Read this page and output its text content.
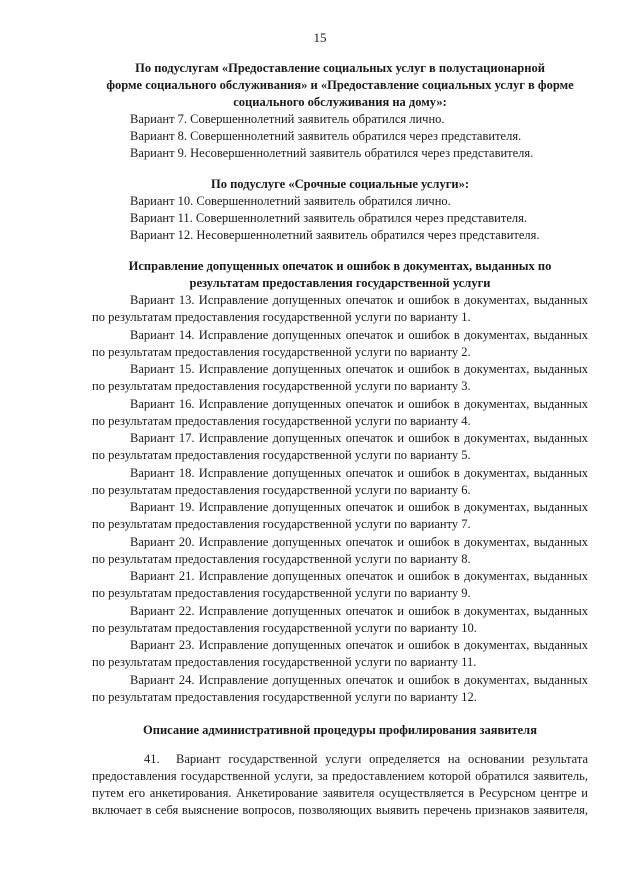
15

По подуслугам «Предоставление социальных услуг в полустационарной

форме социального обслуживания» и «Предоставление социальных услуг в форме

социального обслуживания на дому»:

Вариант 7. Совершеннолетний заявитель обратился лично.

Вариант 8. Совершеннолетний заявитель обратился через представителя.

Вариант 9. Несовершеннолетний заявитель обратился через представителя.

По подуслуге «Срочные социальные услуги»:

Вариант 10. Совершеннолетний заявитель обратился лично.

Вариант 11. Совершеннолетний заявитель обратился через представителя.

Вариант 12. Несовершеннолетний заявитель обратился через представителя.

Исправление допущенных опечаток и ошибок в документах, выданных по

результатам предоставления государственной услуги

Вариант 13. Исправление допущенных опечаток и ошибок в документах, выданных

по результатам предоставления государственной услуги по варианту 1.

Вариант 14. Исправление допущенных опечаток и ошибок в документах, выданных

по результатам предоставления государственной услуги по варианту 2.

Вариант 15. Исправление допущенных опечаток и ошибок в документах, выданных

по результатам предоставления государственной услуги по варианту 3.

Вариант 16. Исправление допущенных опечаток и ошибок в документах, выданных

по результатам предоставления государственной услуги по варианту 4.

Вариант 17. Исправление допущенных опечаток и ошибок в документах, выданных

по результатам предоставления государственной услуги по варианту 5.

Вариант 18. Исправление допущенных опечаток и ошибок в документах, выданных

по результатам предоставления государственной услуги по варианту 6.

Вариант 19. Исправление допущенных опечаток и ошибок в документах, выданных

по результатам предоставления государственной услуги по варианту 7.

Вариант 20. Исправление допущенных опечаток и ошибок в документах, выданных

по результатам предоставления государственной услуги по варианту 8.

Вариант 21. Исправление допущенных опечаток и ошибок в документах, выданных

по результатам предоставления государственной услуги по варианту 9.

Вариант 22. Исправление допущенных опечаток и ошибок в документах, выданных

по результатам предоставления государственной услуги по варианту 10.

Вариант 23. Исправление допущенных опечаток и ошибок в документах, выданных

по результатам предоставления государственной услуги по варианту 11.

Вариант 24. Исправление допущенных опечаток и ошибок в документах, выданных

по результатам предоставления государственной услуги по варианту 12.

Описание административной процедуры профилирования заявителя

41. Вариант государственной услуги определяется на основании результата

предоставления государственной услуги, за предоставлением которой обратился заявитель,

путем его анкетирования. Анкетирование заявителя осуществляется в Ресурсном центре и

включает в себя выяснение вопросов, позволяющих выявить перечень признаков заявителя,
